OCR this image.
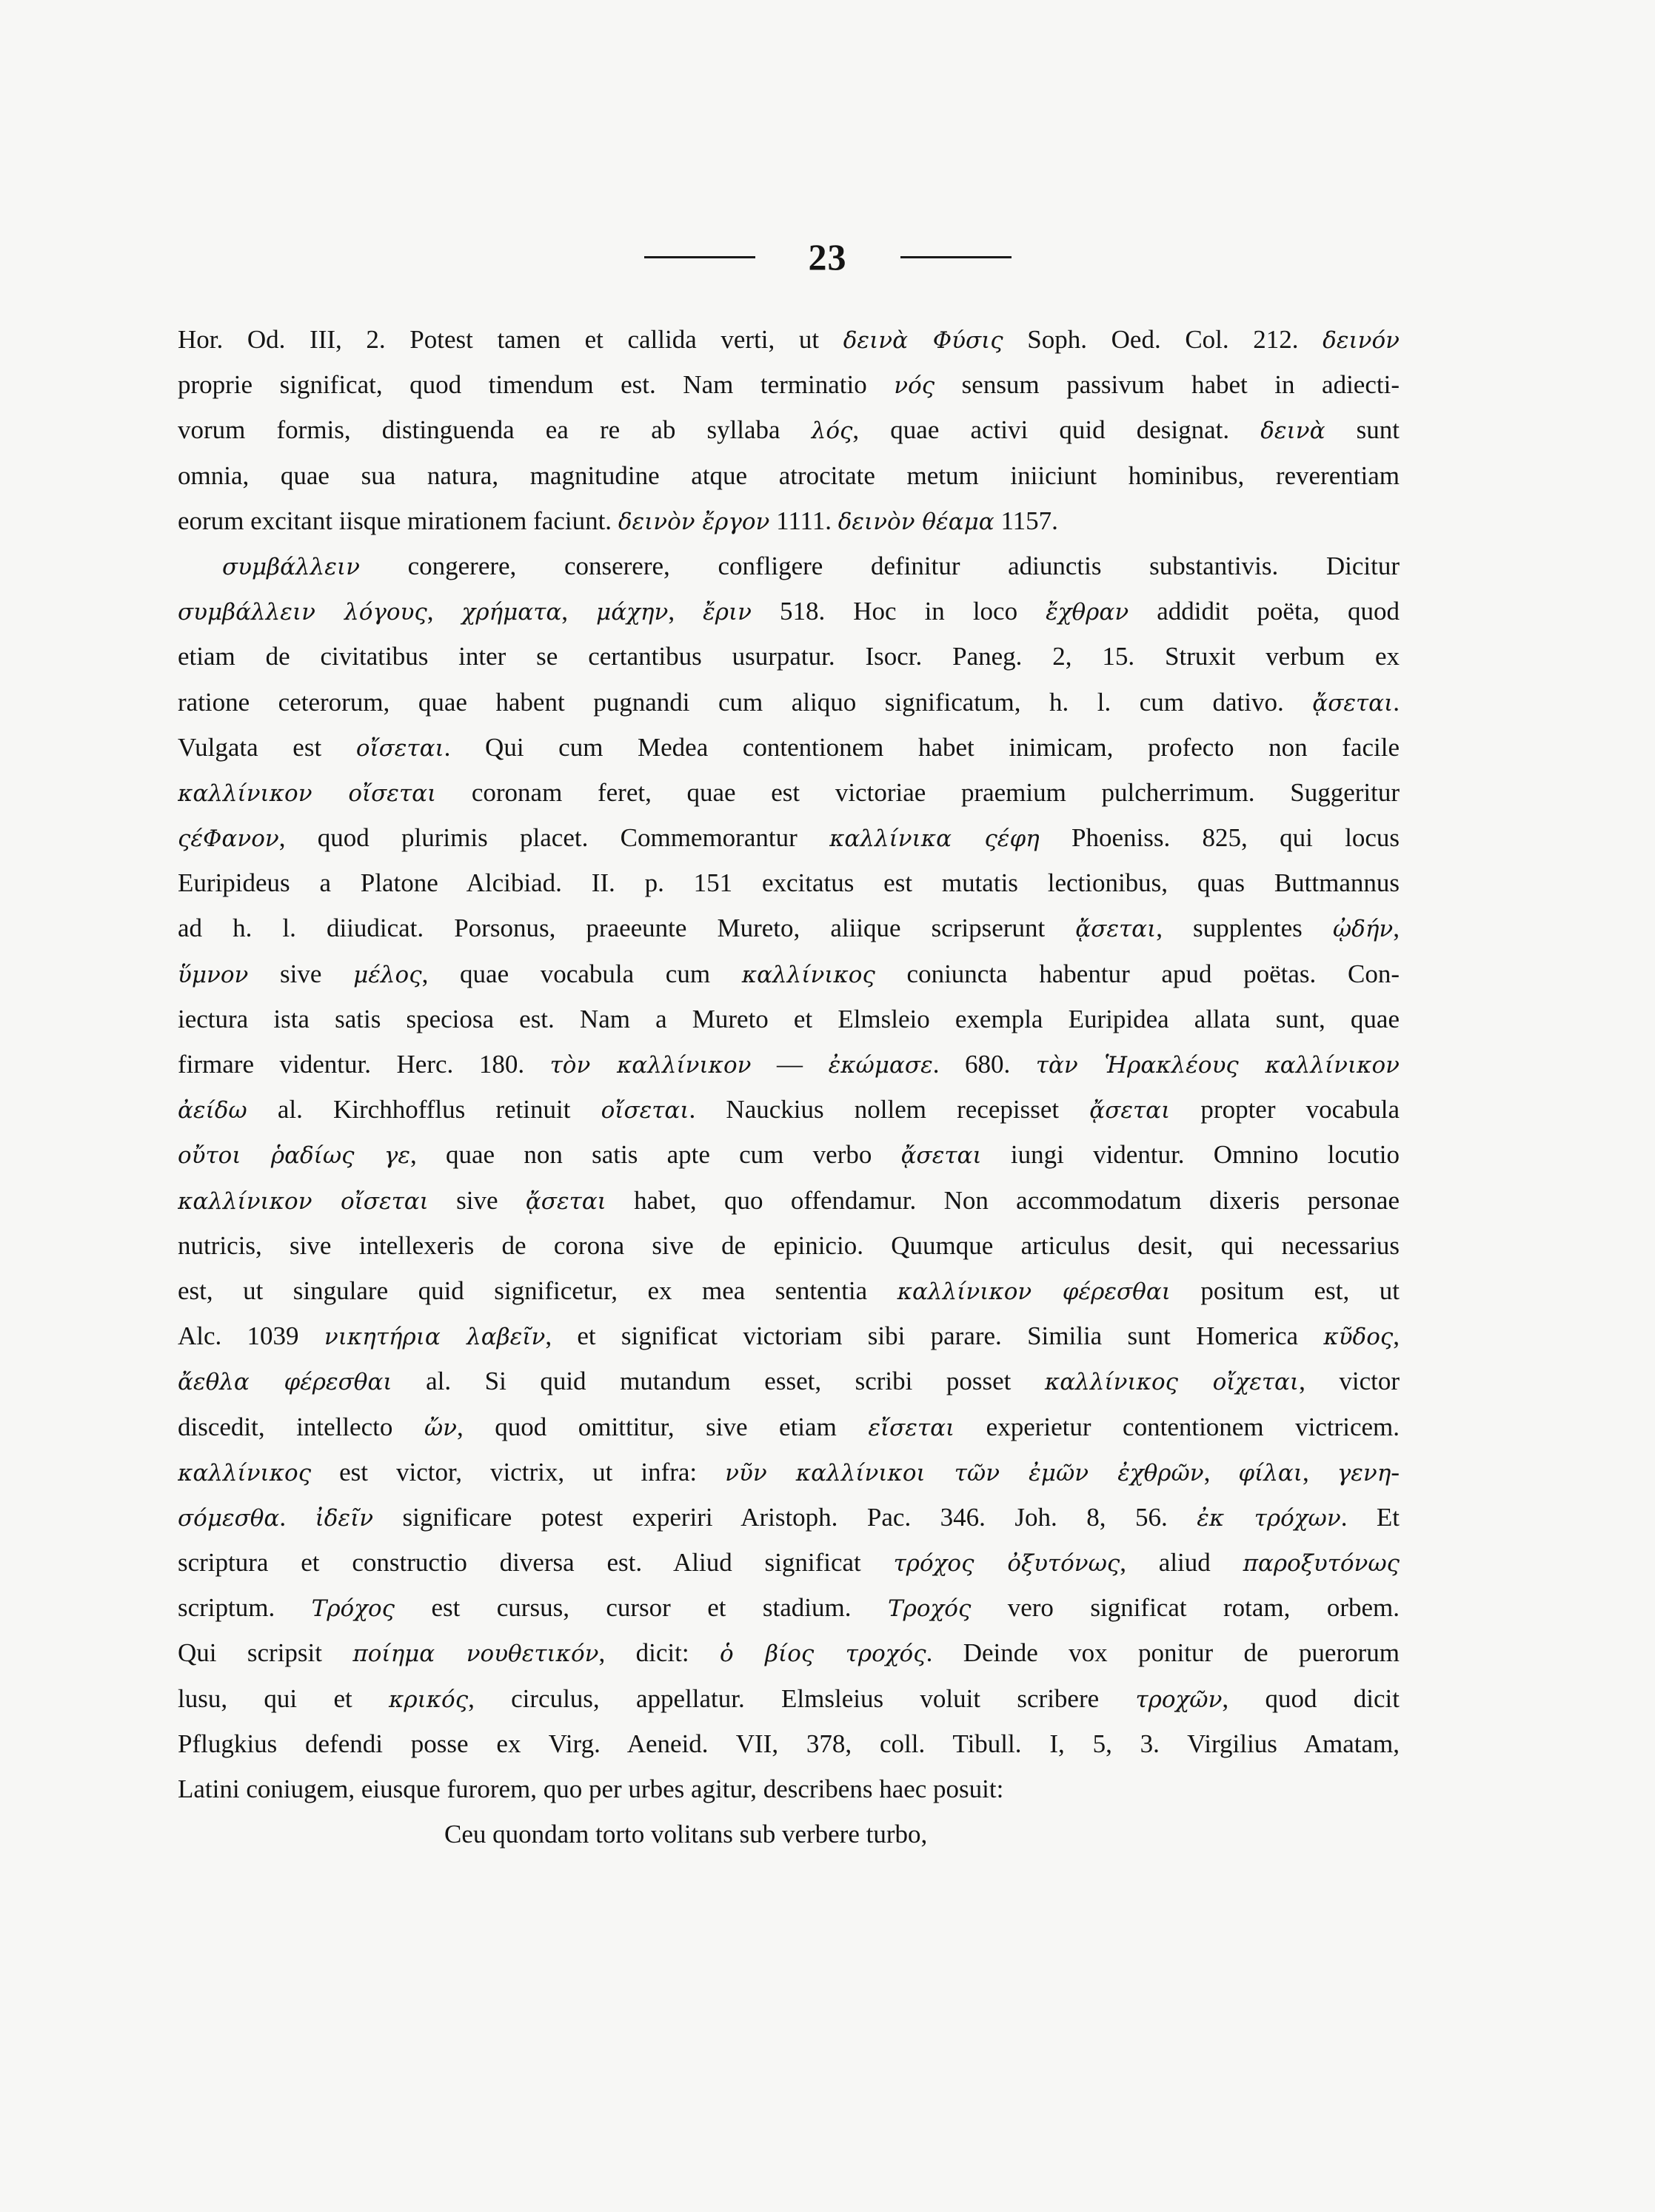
23
Hor. Od. III, 2. Potest tamen et callida verti, ut δεινὰ Φύσις Soph. Oed. Col. 212. δεινόν
proprie significat, quod timendum est. Nam terminatio νός sensum passivum habet in adiecti-
vorum formis, distinguenda ea re ab syllaba λός, quae activi quid designat. δεινὰ sunt
omnia, quae sua natura, magnitudine atque atrocitate metum iniiciunt hominibus, reverentiam
eorum excitant iisque mirationem faciunt. δεινὸν ἔργον 1111. δεινὸν θέαμα 1157.
συμβάλλειν congerere, conserere, confligere definitur adiunctis substantivis. Dicitur
συμβάλλειν λόγους, χρήματα, μάχην, ἔριν 518. Hoc in loco ἔχθραν addidit poëta, quod
etiam de civitatibus inter se certantibus usurpatur. Isocr. Paneg. 2, 15. Struxit verbum ex
ratione ceterorum, quae habent pugnandi cum aliquo significatum, h. l. cum dativo. ᾄσεται.
Vulgata est οἴσεται. Qui cum Medea contentionem habet inimicam, profecto non facile
καλλίνικον οἴσεται coronam feret, quae est victoriae praemium pulcherrimum. Suggeritur
ςέΦανον, quod plurimis placet. Commemorantur καλλίνικα ςέφη Phoeniss. 825, qui locus
Euripideus a Platone Alcibiad. II. p. 151 excitatus est mutatis lectionibus, quas Buttmannus
ad h. l. diiudicat. Porsonus, praeeunte Mureto, aliique scripserunt ᾄσεται, supplentes ᾠδήν,
ὕμνον sive μέλος, quae vocabula cum καλλίνικος coniuncta habentur apud poëtas. Con-
iectura ista satis speciosa est. Nam a Mureto et Elmsleio exempla Euripidea allata sunt, quae
firmare videntur. Herc. 180. τὸν καλλίνικον — ἐκώμασε. 680. τὰν Ἡρακλέους καλλίνικον
ἀείδω al. Kirchhofflus retinuit οἴσεται. Nauckius nollem recepisset ᾄσεται propter vocabula
οὔτοι ῥαδίως γε, quae non satis apte cum verbo ᾄσεται iungi videntur. Omnino locutio
καλλίνικον οἴσεται sive ᾄσεται habet, quo offendamur. Non accommodatum dixeris personae
nutricis, sive intellexeris de corona sive de epinicio. Quumque articulus desit, qui necessarius
est, ut singulare quid significetur, ex mea sententia καλλίνικον φέρεσθαι positum est, ut
Alc. 1039 νικητήρια λαβεῖν, et significat victoriam sibi parare. Similia sunt Homerica κῦδος,
ἄεθλα φέρεσθαι al. Si quid mutandum esset, scribi posset καλλίνικος οἴχεται, victor
discedit, intellecto ὤν, quod omittitur, sive etiam εἴσεται experietur contentionem victricem.
καλλίνικος est victor, victrix, ut infra: νῦν καλλίνικοι τῶν ἐμῶν ἐχθρῶν, φίλαι, γενη-
σόμεσθα. ἰδεῖν significare potest experiri Aristoph. Pac. 346. Joh. 8, 56. ἐκ τρόχων. Et
scriptura et constructio diversa est. Aliud significat τρόχος ὀξυτόνως, aliud παροξυτόνως
scriptum. Τρόχος est cursus, cursor et stadium. Τροχός vero significat rotam, orbem.
Qui scripsit ποίημα νουθετικόν, dicit: ὁ βίος τροχός. Deinde vox ponitur de puerorum
lusu, qui et κρικός, circulus, appellatur. Elmsleius voluit scribere τροχῶν, quod dicit
Pflugkius defendi posse ex Virg. Aeneid. VII, 378, coll. Tibull. I, 5, 3. Virgilius Amatam,
Latini coniugem, eiusque furorem, quo per urbes agitur, describens haec posuit:
Ceu quondam torto volitans sub verbere turbo,
